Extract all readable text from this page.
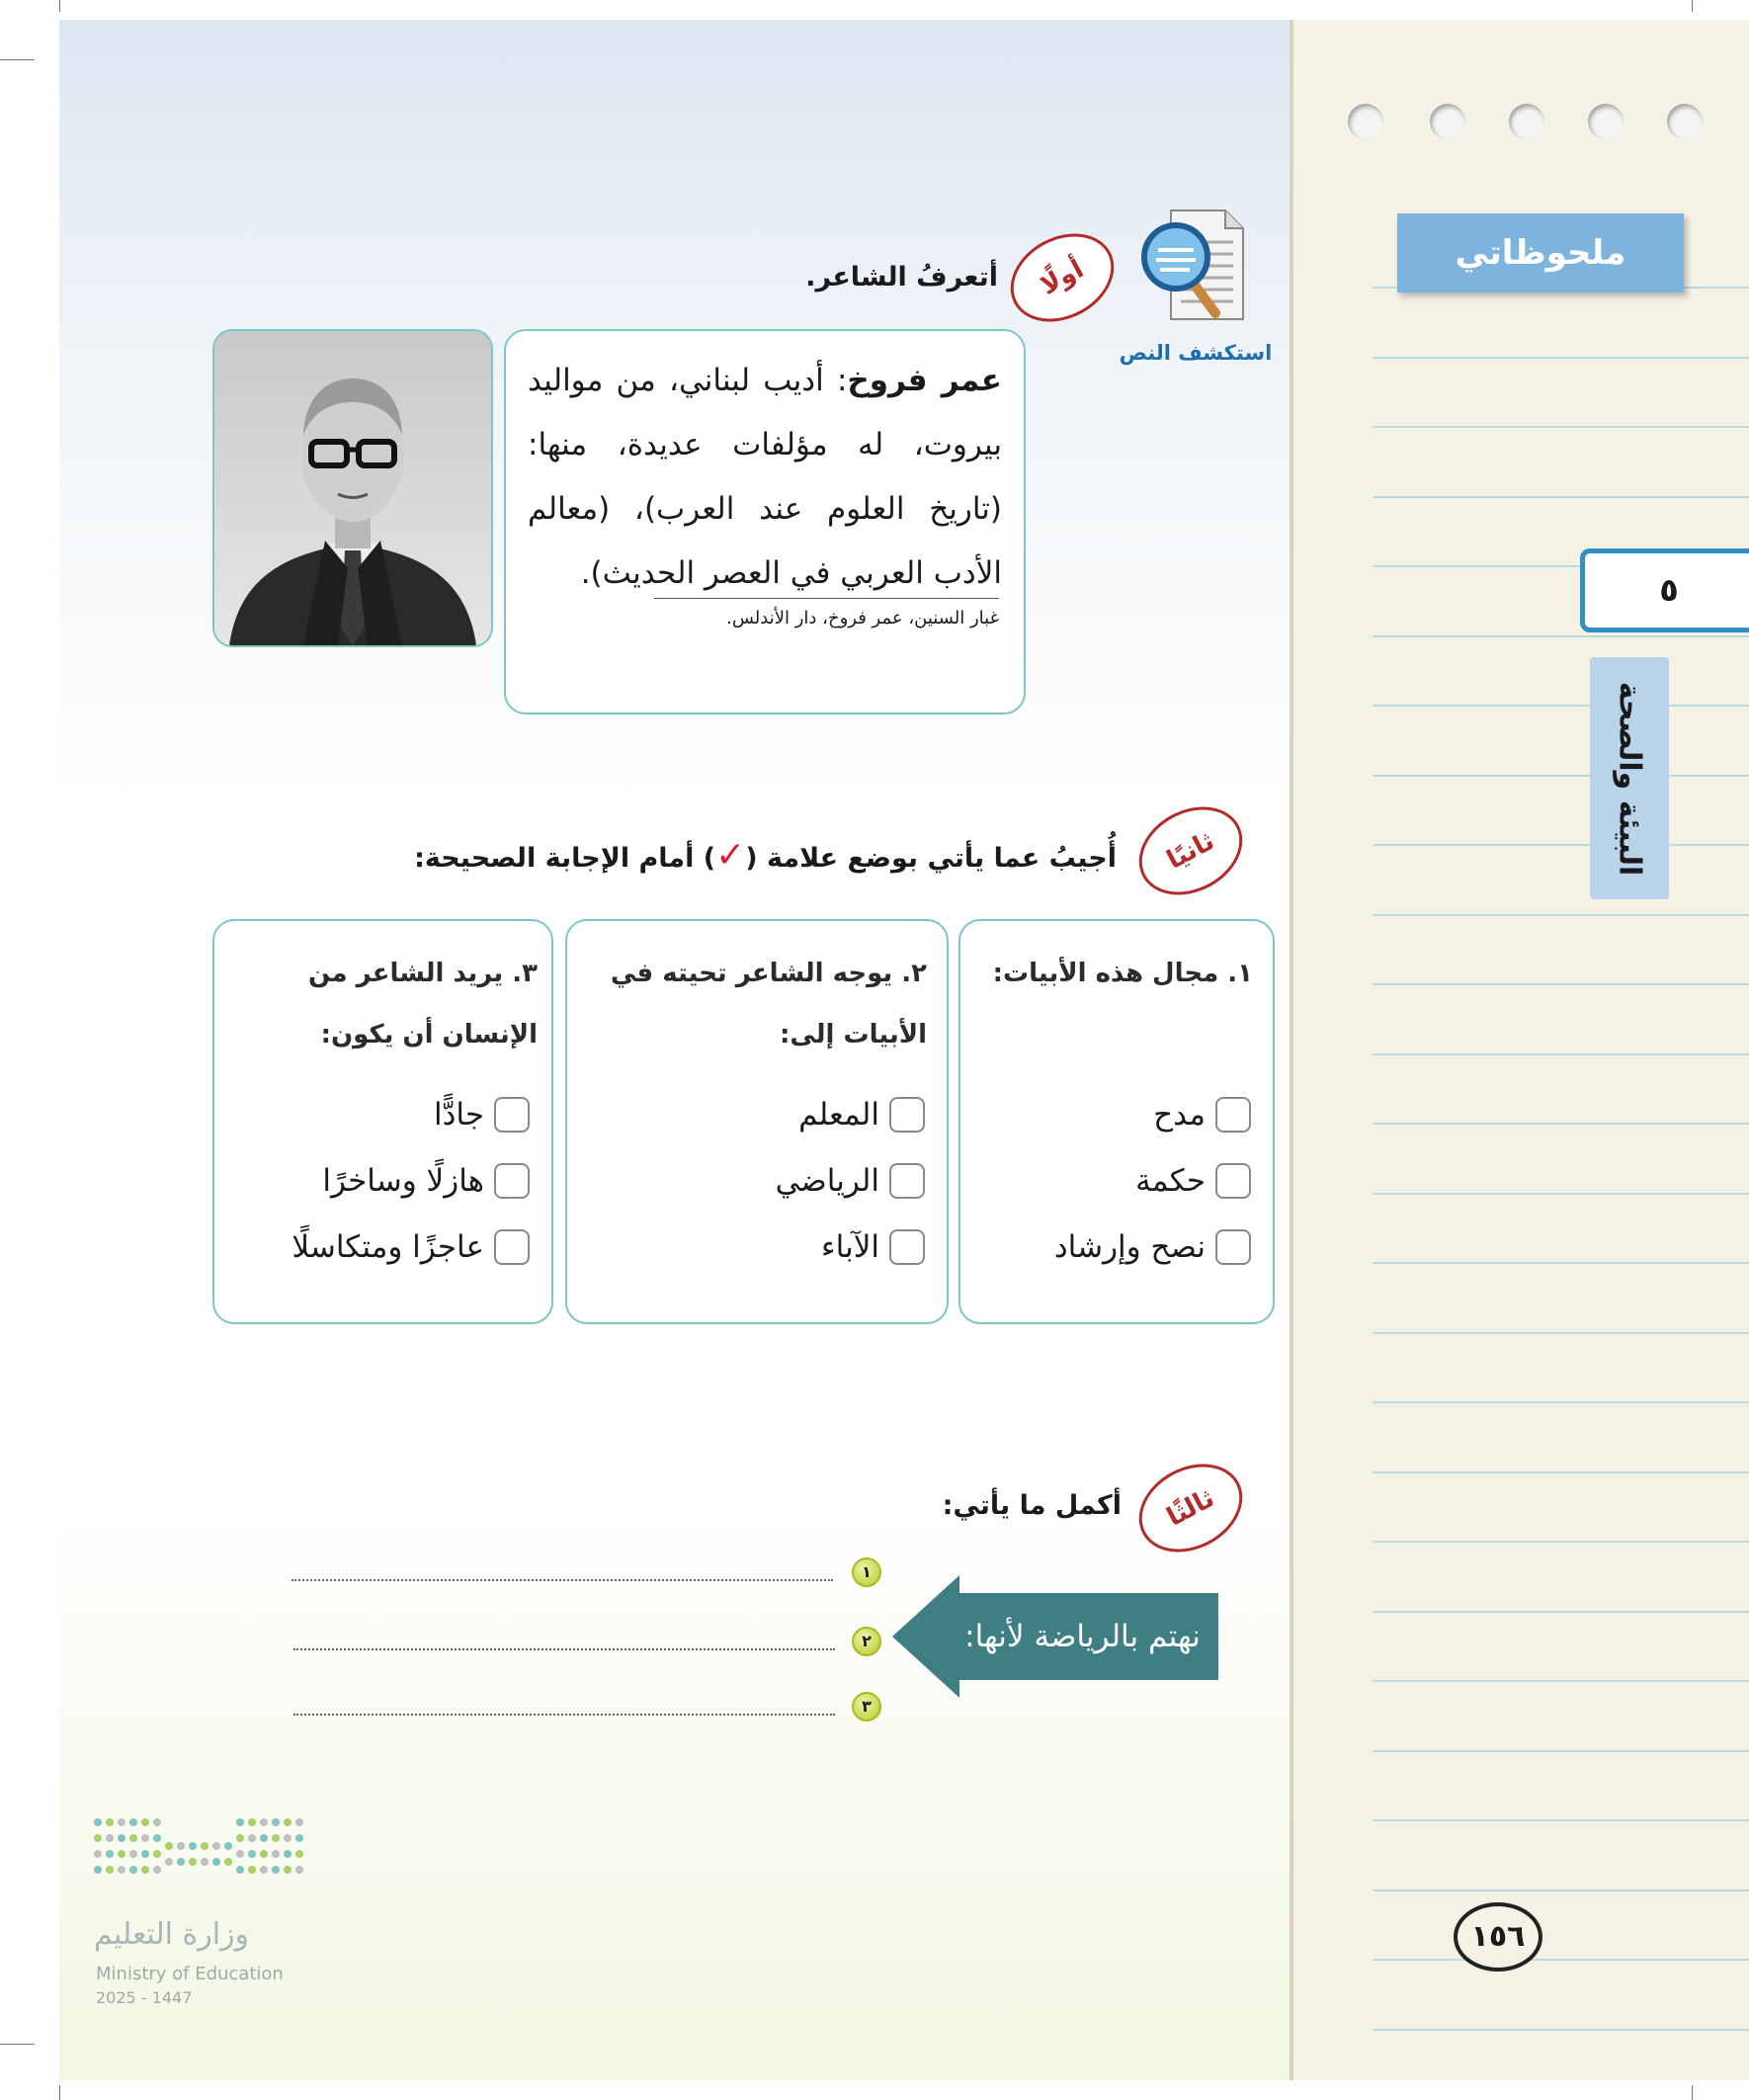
ملحوظاتي
٥
البيئة والصحة
١٥٦
استكشف النص
أولًا
أتعرفُ الشاعر.
عمر فروخ: أديب لبناني، من مواليد بيروت، له مؤلفات عديدة، منها: (تاريخ العلوم عند العرب)، (معالم الأدب العربي في العصر الحديث).
غبار السنين، عمر فروخ، دار الأندلس.
ثانيًا
أُجيبُ عما يأتي بوضع علامة (✓) أمام الإجابة الصحيحة:
١. مجال هذه الأبيات:
مدح
حكمة
نصح وإرشاد
٢. يوجه الشاعر تحيته في الأبيات إلى:
المعلم
الرياضي
الآباء
٣. يريد الشاعر من الإنسان أن يكون:
جادًّا
هازلًا وساخرًا
عاجزًا ومتكاسلًا
ثالثًا
أكمل ما يأتي:
١
٢
٣
نهتم بالرياضة لأنها:
وزارة التعليم
Ministry of Education
2025 - 1447
